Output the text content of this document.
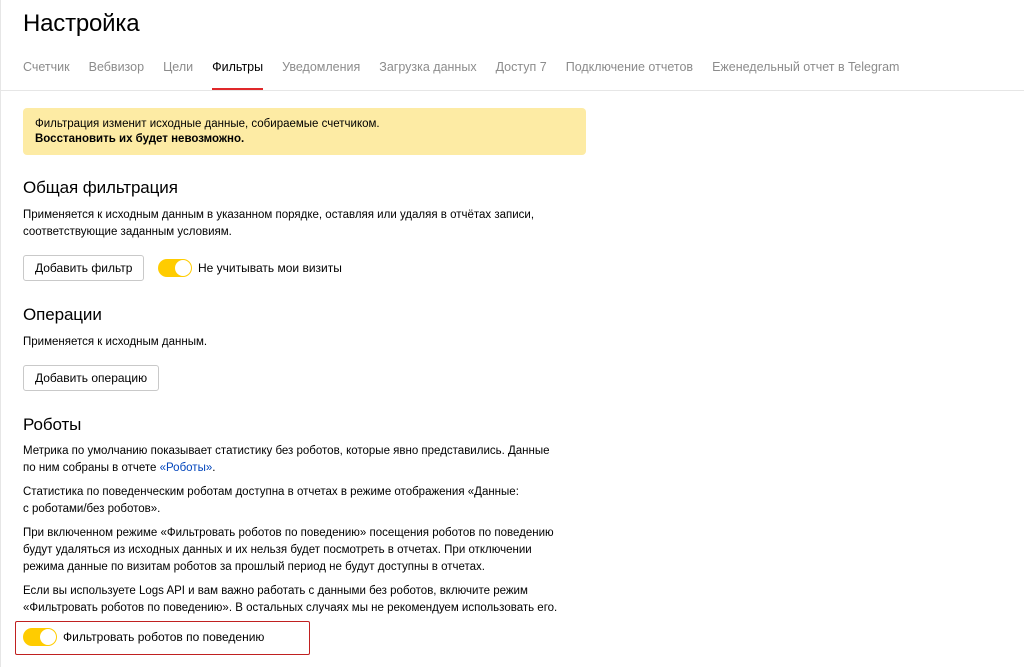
Настройка
Счетчик Вебвизор Цели Фильтры Уведомления Загрузка данных Доступ 7 Подключение отчетов Еженедельный отчет в Telegram
Фильтрация изменит исходные данные, собираемые счетчиком.
Восстановить их будет невозможно.
Общая фильтрация
Применяется к исходным данным в указанном порядке, оставляя или удаляя в отчётах записи,
соответствующие заданным условиям.
Добавить фильтр	Не учитывать мои визиты
Операции
Применяется к исходным данным.
Добавить операцию
Роботы
Метрика по умолчанию показывает статистику без роботов, которые явно представились. Данные
по ним собраны в отчете «Роботы».
Статистика по поведенческим роботам доступна в отчетах в режиме отображения «Данные:
с роботами/без роботов».
При включенном режиме «Фильтровать роботов по поведению» посещения роботов по поведению
будут удаляться из исходных данных и их нельзя будет посмотреть в отчетах. При отключении
режима данные по визитам роботов за прошлый период не будут доступны в отчетах.
Если вы используете Logs API и вам важно работать с данными без роботов, включите режим
«Фильтровать роботов по поведению». В остальных случаях мы не рекомендуем использовать его.
Фильтровать роботов по поведению
